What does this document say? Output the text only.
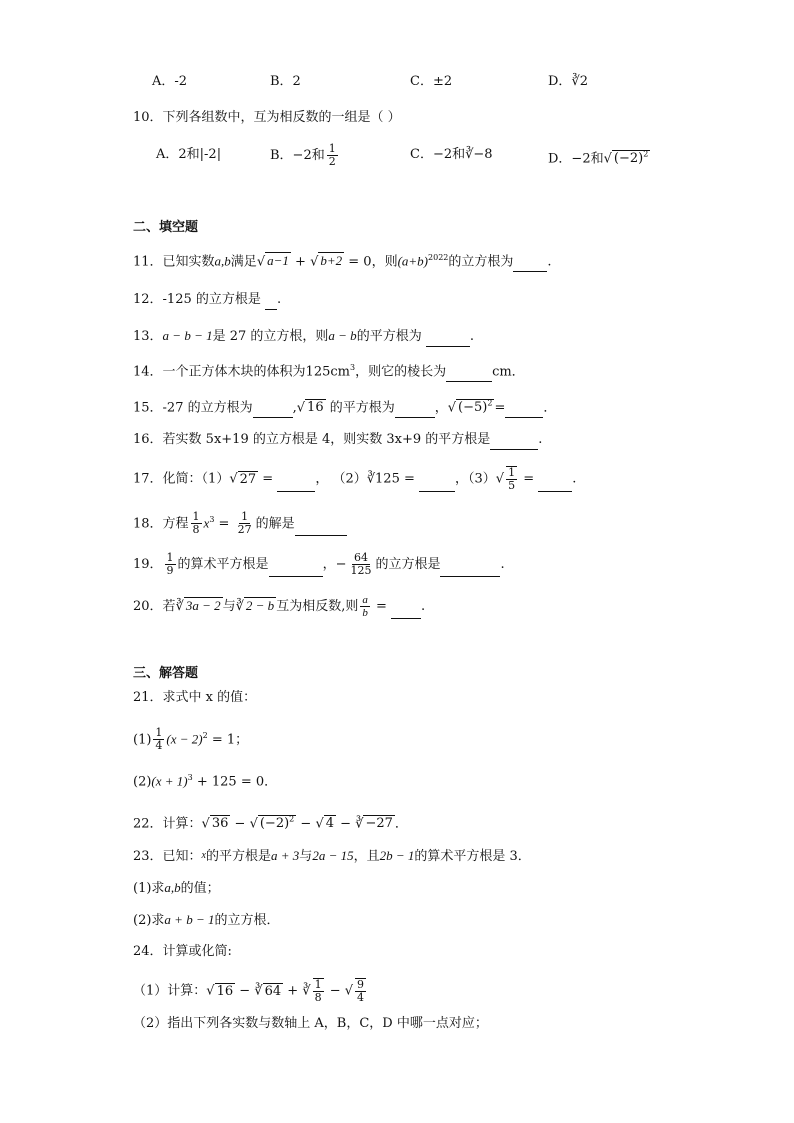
A．-2	B．2	C．±2	D．∛2
10．下列各组数中，互为相反数的一组是（ ）
A．2和|-2|	B．−2和 $\frac{1}{2}$	C．−2和∛−8	D．−2和√ $(-2)^2$
二、填空题
11．已知实数a,b满足√ a−1 + √ b+2 = 0，则$(a+b)^{2022}$的立方根为	.
12．-125 的立方根是 .
13．a − b − 1是 27 的立方根，则a − b的平方根为	.
14．一个正方体木块的体积为$125cm^3$，则它的棱长为	cm．
15．-27 的立方根为	,√ 16 的平方根为	，√ $(-5)^2$ =	．
16．若实数 5x+19 的立方根是 4，则实数 3x+9 的平方根是	.
17．化简：（1）√ 27 =	， （2）∛125 =	，$(3)√ \frac{1}{5}$ =	.
18．方程 $\frac{1}{8} x^3 = \frac{1}{27}$ 的解是
19． $\frac{1}{9}$ 的算术平方根是	，− $\frac{64}{125}$ 的立方根是	.
20．若∛ 3a − 2 与∛ 2 − b 互为相反数,则 $\frac{a}{b}$ = .
三、解答题
21．求式中 x 的值：
$(1) \frac{1}{4} (x - 2)^2 = 1$；
$(2)(x + 1)^3 + 125 = 0$．
22．计算：√ 36 − √ $(-2)^2$ − √ 4 − ∛ −27 ．
23．已知：$^x$的平方根是a + 3与2a − 15，且2b − 1的算术平方根是 3．
(1)求a,b的值；
(2)求a + b − 1的立方根．
24．计算或化简:
（1）计算：√ 16 − ∛ 64 + ∛ $\frac{1}{8}$ − √ $\frac{9}{4}$
（2）指出下列各实数与数轴上 A，B，C，D 中哪一点对应；
